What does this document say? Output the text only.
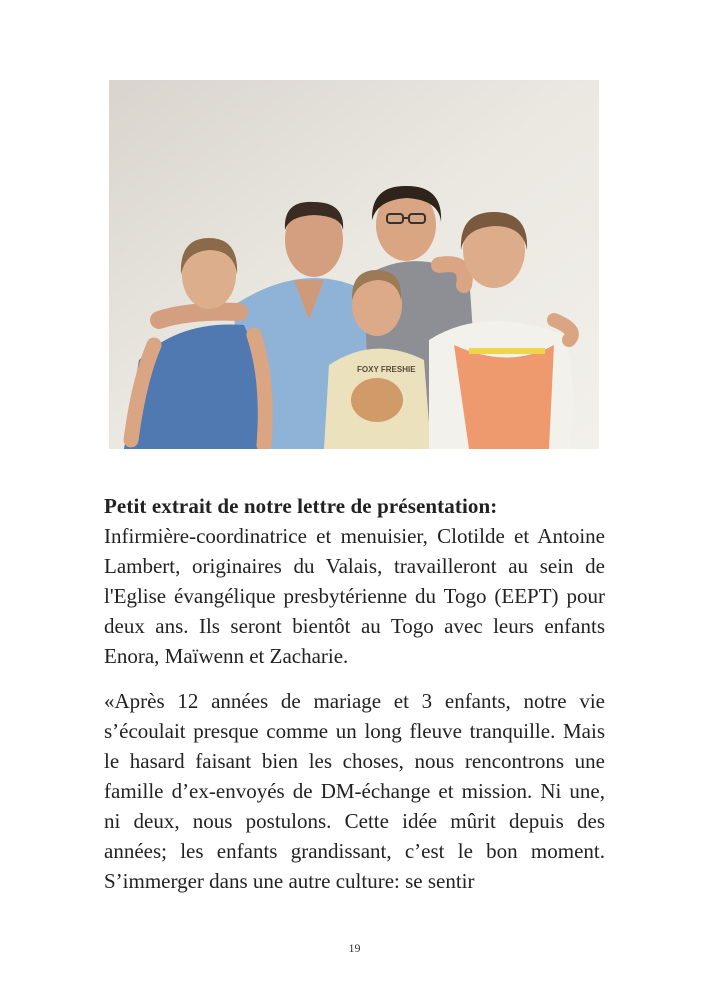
FOXY FRESHIE

Petit extrait de notre lettre de présentation:

Infirmière-coordinatrice et menuisier, Clotilde et Antoine Lambert, originaires du Valais, travailleront au sein de l'Eglise évangélique presbytérienne du Togo (EEPT) pour deux ans. Ils seront bientôt au Togo avec leurs enfants Enora, Maïwenn et Zacharie.

«Après 12 années de mariage et 3 enfants, notre vie s’écoulait presque comme un long fleuve tranquille. Mais le hasard faisant bien les choses, nous rencontrons une famille d’ex-envoyés de DM-échange et mission. Ni une, ni deux, nous postulons. Cette idée mûrit depuis des années; les enfants grandissant, c’est le bon moment. S’immerger dans une autre culture: se sentir

19
